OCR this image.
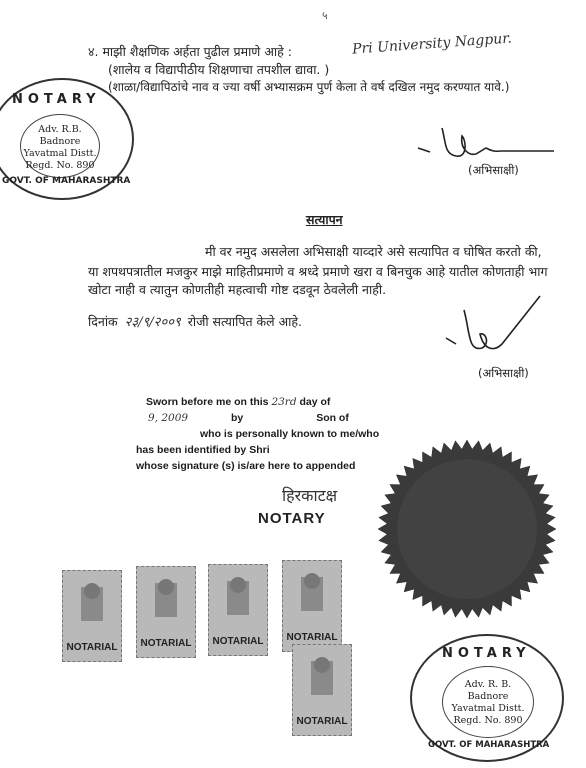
५
४. माझी शैक्षणिक अर्हता पुढील प्रमाणे आहे :
(शालेय व विद्यापीठीय शिक्षणाचा तपशील द्यावा. )
(शाळा/विद्यापिठांचे नाव व ज्या वर्षी अभ्यासक्रम पुर्ण केला ते वर्ष दखिल नमुद करण्यात यावे.)
Pri University Nagpur.
NOTARY
Adv. R.B. Badnore
Yavatmal Distt.
Regd. No. 890
GOVT. OF MAHARASHTRA
(अभिसाक्षी)
सत्यापन
मी वर नमुद असलेला अभिसाक्षी याव्दारे असे सत्यापित व घोषित करतो की,
या शपथपत्रातील मजकुर माझे माहितीप्रमाणे व श्रध्दे प्रमाणे खरा व बिनचुक आहे यातील कोणताही भाग
खोटा नाही व त्यातुन कोणतीही महत्वाची गोष्ट दडवून ठेवलेली नाही.
दिनांक २३/९/२००९ रोजी सत्यापित केले आहे.
(अभिसाक्षी)
Sworn before me on this 23rd day of
9, 2009	by	Son of
who is personally known to me/who
has been identified by Shri
whose signature (s) is/are here to appended
हिरकाटक्ष
NOTARY
NOTARIAL	NOTARIAL	NOTARIAL	NOTARIAL
NOTARIAL
NOTARY
Adv. R. B. Badnore
Yavatmal Distt.
Regd. No. 890
GOVT. OF MAHARASHTRA
